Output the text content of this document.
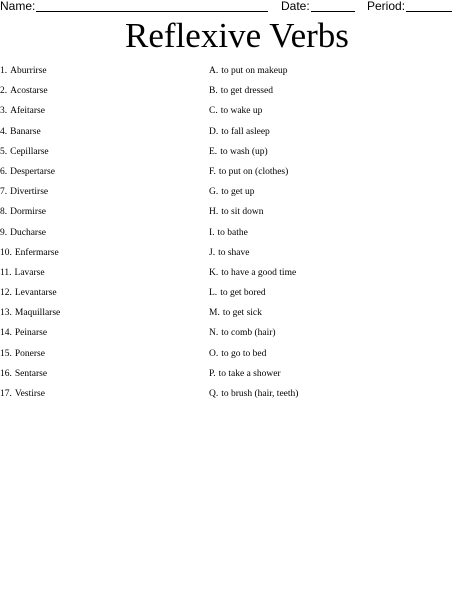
Name:	Date:	Period:
Reflexive Verbs
1. Aburrirse	A. to put on makeup
2. Acostarse	B. to get dressed
3. Afeitarse	C. to wake up
4. Banarse	D. to fall asleep
5. Cepillarse	E. to wash (up)
6. Despertarse	F. to put on (clothes)
7. Divertirse	G. to get up
8. Dormirse	H. to sit down
9. Ducharse	I. to bathe
10. Enfermarse	J. to shave
11. Lavarse	K. to have a good time
12. Levantarse	L. to get bored
13. Maquillarse	M. to get sick
14. Peinarse	N. to comb (hair)
15. Ponerse	O. to go to bed
16. Sentarse	P. to take a shower
17. Vestirse	Q. to brush (hair, teeth)
